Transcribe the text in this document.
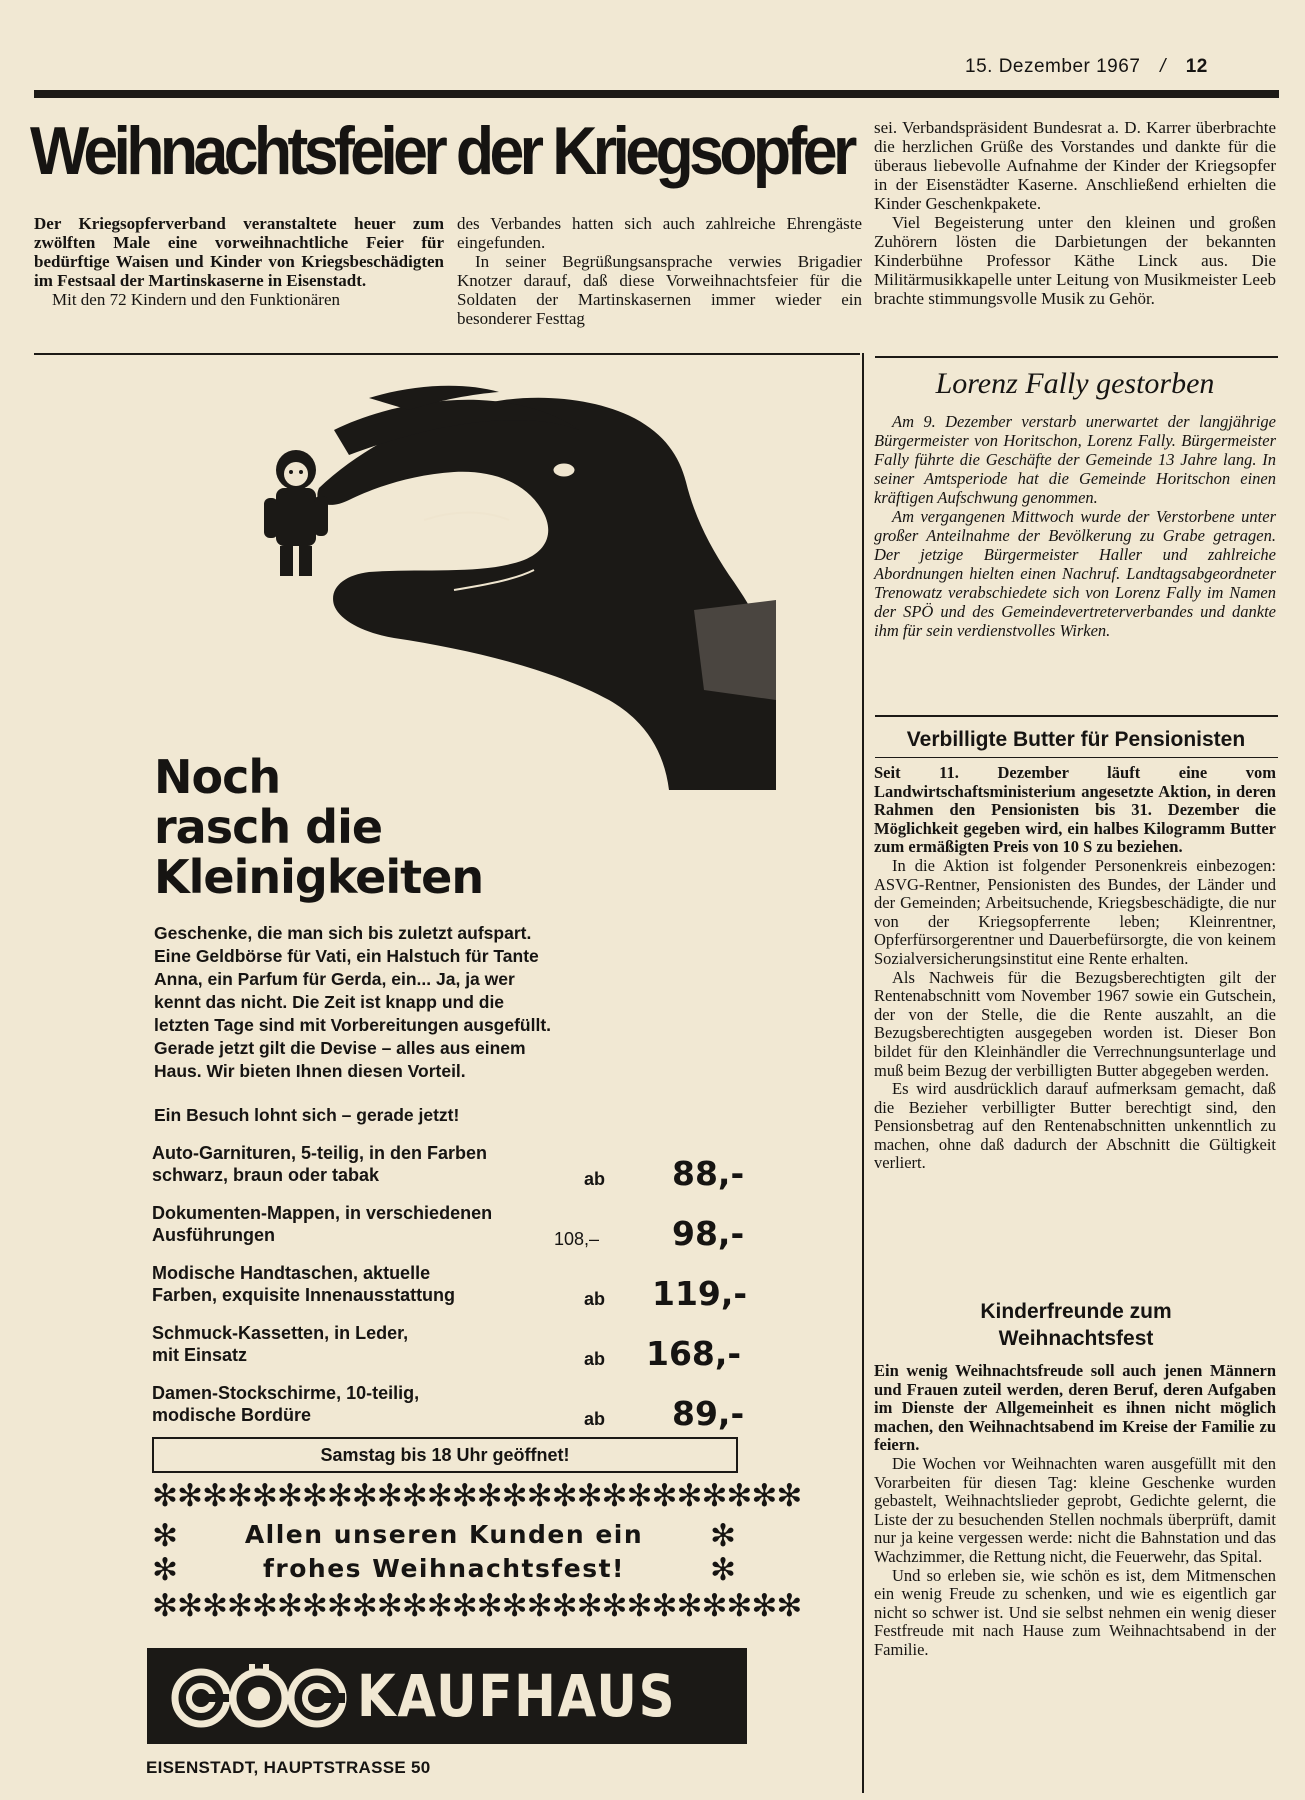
15. Dezember 1967 / 12
Weihnachtsfeier der Kriegsopfer

Der Kriegsopferverband veranstaltete heuer zum zwölften Male eine vorweihnachtliche Feier für bedürftige Waisen und Kinder von Kriegsbeschädigten im Festsaal der Martinskaserne in Eisenstadt.

Mit den 72 Kindern und den Funktionären

des Verbandes hatten sich auch zahlreiche Ehrengäste eingefunden.

In seiner Begrüßungsansprache verwies Brigadier Knotzer darauf, daß diese Vorweihnachtsfeier für die Soldaten der Martinskasernen immer wieder ein besonderer Festtag

sei. Verbandspräsident Bundesrat a. D. Karrer überbrachte die herzlichen Grüße des Vorstandes und dankte für die überaus liebevolle Aufnahme der Kinder der Kriegsopfer in der Eisenstädter Kaserne. Anschließend erhielten die Kinder Geschenkpakete.

Viel Begeisterung unter den kleinen und großen Zuhörern lösten die Darbietungen der bekannten Kinderbühne Professor Käthe Linck aus. Die Militärmusikkapelle unter Leitung von Musikmeister Leeb brachte stimmungsvolle Musik zu Gehör.

Lorenz Fally gestorben

Am 9. Dezember verstarb unerwartet der langjährige Bürgermeister von Horitschon, Lorenz Fally. Bürgermeister Fally führte die Geschäfte der Gemeinde 13 Jahre lang. In seiner Amtsperiode hat die Gemeinde Horitschon einen kräftigen Aufschwung genommen.

Am vergangenen Mittwoch wurde der Verstorbene unter großer Anteilnahme der Bevölkerung zu Grabe getragen. Der jetzige Bürgermeister Haller und zahlreiche Abordnungen hielten einen Nachruf. Landtagsabgeordneter Trenowatz verabschiedete sich von Lorenz Fally im Namen der SPÖ und des Gemeindevertreterverbandes und dankte ihm für sein verdienstvolles Wirken.

Verbilligte Butter für Pensionisten

Seit 11. Dezember läuft eine vom Landwirtschaftsministerium angesetzte Aktion, in deren Rahmen den Pensionisten bis 31. Dezember die Möglichkeit gegeben wird, ein halbes Kilogramm Butter zum ermäßigten Preis von 10 S zu beziehen.

In die Aktion ist folgender Personenkreis einbezogen: ASVG-Rentner, Pensionisten des Bundes, der Länder und der Gemeinden; Arbeitsuchende, Kriegsbeschädigte, die nur von der Kriegsopferrente leben; Kleinrentner, Opferfürsorgerentner und Dauerbefürsorgte, die von keinem Sozialversicherungsinstitut eine Rente erhalten.

Als Nachweis für die Bezugsberechtigten gilt der Rentenabschnitt vom November 1967 sowie ein Gutschein, der von der Stelle, die die Rente auszahlt, an die Bezugsberechtigten ausgegeben worden ist. Dieser Bon bildet für den Kleinhändler die Verrechnungsunterlage und muß beim Bezug der verbilligten Butter abgegeben werden.

Es wird ausdrücklich darauf aufmerksam gemacht, daß die Bezieher verbilligter Butter berechtigt sind, den Pensionsbetrag auf den Rentenabschnitten unkenntlich zu machen, ohne daß dadurch der Abschnitt die Gültigkeit verliert.

Kinderfreunde zum
Weihnachtsfest

Ein wenig Weihnachtsfreude soll auch jenen Männern und Frauen zuteil werden, deren Beruf, deren Aufgaben im Dienste der Allgemeinheit es ihnen nicht möglich machen, den Weihnachtsabend im Kreise der Familie zu feiern.

Die Wochen vor Weihnachten waren ausgefüllt mit den Vorarbeiten für diesen Tag: kleine Geschenke wurden gebastelt, Weihnachtslieder geprobt, Gedichte gelernt, die Liste der zu besuchenden Stellen nochmals überprüft, damit nur ja keine vergessen werde: nicht die Bahnstation und das Wachzimmer, die Rettung nicht, die Feuerwehr, das Spital.

Und so erleben sie, wie schön es ist, dem Mitmenschen ein wenig Freude zu schenken, und wie es eigentlich gar nicht so schwer ist. Und sie selbst nehmen ein wenig dieser Festfreude mit nach Hause zum Weihnachtsabend in der Familie.

Noch
rasch die
Kleinigkeiten
Geschenke, die man sich bis zuletzt aufspart. Eine Geldbörse für Vati, ein Halstuch für Tante Anna, ein Parfum für Gerda, ein... Ja, ja wer kennt das nicht. Die Zeit ist knapp und die letzten Tage sind mit Vorbereitungen ausgefüllt. Gerade jetzt gilt die Devise – alles aus einem Haus. Wir bieten Ihnen diesen Vorteil.
Ein Besuch lohnt sich – gerade jetzt!
Auto-Garnituren, 5-teilig, in den Farben
schwarz, braun oder tabak	ab 88,-
Dokumenten-Mappen, in verschiedenen
Ausführungen	108,– 98,-
Modische Handtaschen, aktuelle
Farben, exquisite Innenausstattung	ab 119,-
Schmuck-Kassetten, in Leder,
mit Einsatz	ab 168,-
Damen-Stockschirme, 10-teilig,
modische Bordüre	ab 89,-
Samstag bis 18 Uhr geöffnet!
✻✻✻✻✻✻✻✻✻✻✻✻✻✻✻✻✻✻✻✻✻✻✻✻✻✻
✻	✻
✻	✻
Allen unseren Kunden ein
frohes Weihnachtsfest!
✻✻✻✻✻✻✻✻✻✻✻✻✻✻✻✻✻✻✻✻✻✻✻✻✻✻
KAUFHAUS
EISENSTADT, HAUPTSTRASSE 50
